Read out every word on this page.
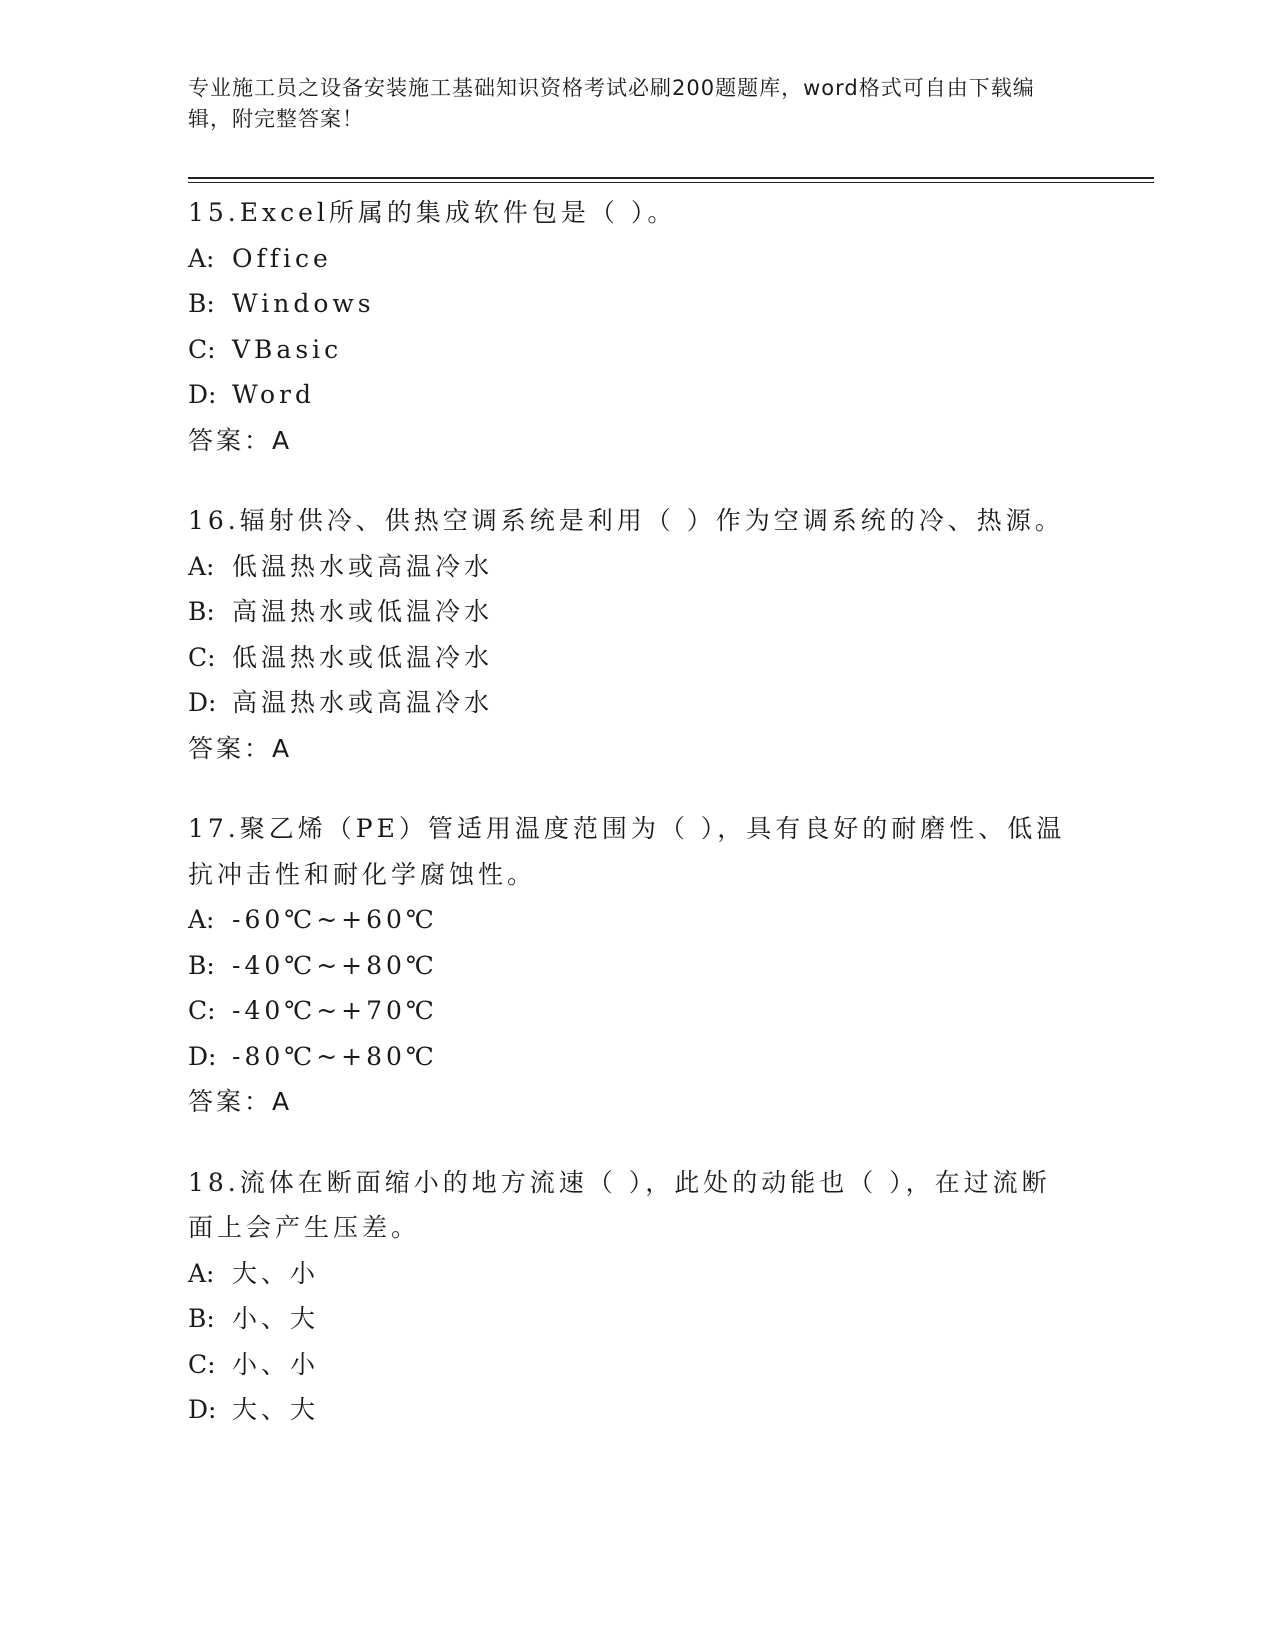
专业施工员之设备安装施工基础知识资格考试必刷200题题库，word格式可自由下载编辑，附完整答案！

15.Excel所属的集成软件包是（ ）。

A: Office

B: Windows

C: VBasic

D: Word

答案：A

16.辐射供冷、供热空调系统是利用（ ）作为空调系统的冷、热源。

A: 低温热水或高温冷水

B: 高温热水或低温冷水

C: 低温热水或低温冷水

D: 高温热水或高温冷水

答案：A

17.聚乙烯（PE）管适用温度范围为（ ），具有良好的耐磨性、低温抗冲击性和耐化学腐蚀性。

A: -60℃~+60℃

B: -40℃~+80℃

C: -40℃~+70℃

D: -80℃~+80℃

答案：A

18.流体在断面缩小的地方流速（ ），此处的动能也（ ），在过流断面上会产生压差。

A: 大、小

B: 小、大

C: 小、小

D: 大、大
